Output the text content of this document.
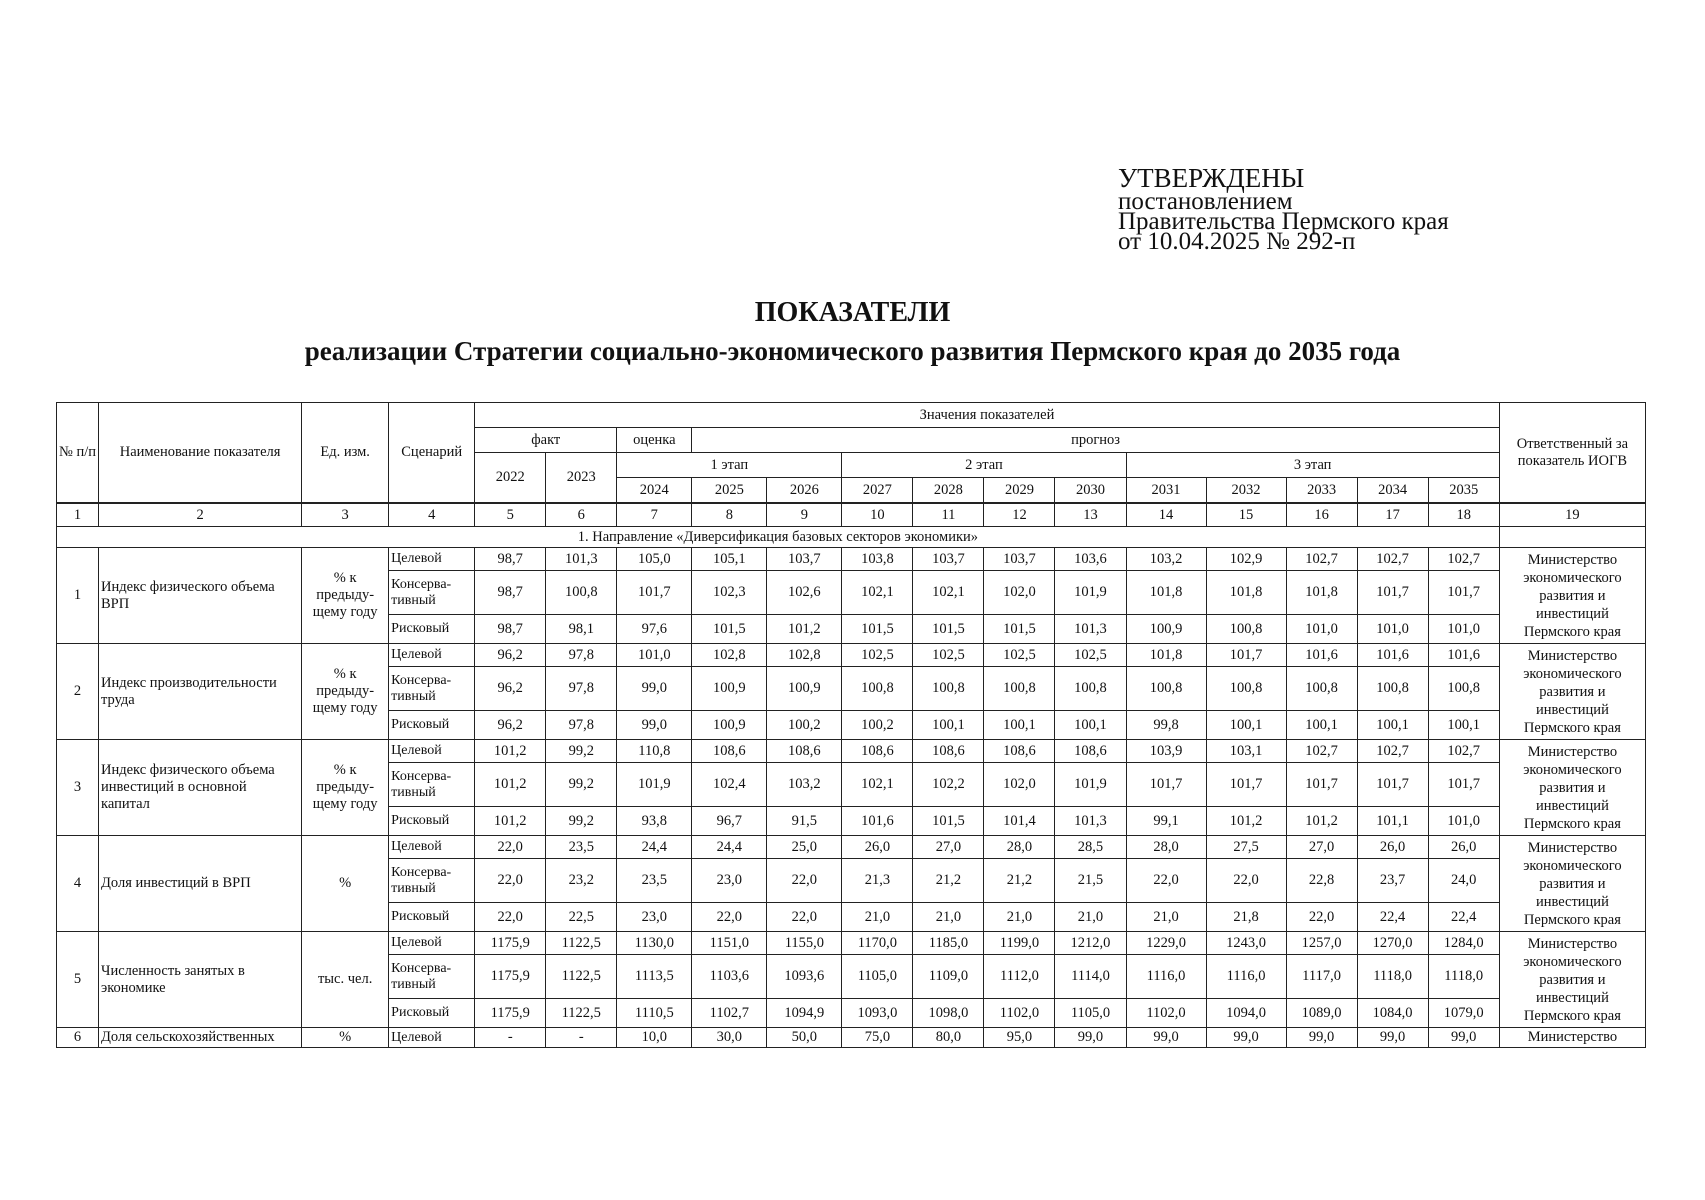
УТВЕРЖДЕНЫ
постановлением
Правительства Пермского края
от 10.04.2025 № 292-п
ПОКАЗАТЕЛИ
реализации Стратегии социально-экономического развития Пермского края до 2035 года
№ п/п	Наименование показателя	Ед. изм.	Сценарий	Значения показателей														Ответственный за показатель ИОГВ
				факт		оценка	прогноз											
				2022	2023	1 этап			2 этап				3 этап					
						2024	2025	2026	2027	2028	2029	2030	2031	2032	2033	2034	2035	
1	2	3	4	5	6	7	8	9	10	11	12	13	14	15	16	17	18	19
1. Направление «Диверсификация базовых секторов экономики»																		
1	Индекс физического объема ВРП	% к предыду-щему году	Целевой	98,7	101,3	105,0	105,1	103,7	103,8	103,7	103,7	103,6	103,2	102,9	102,7	102,7	102,7	Министерство экономического развития и инвестиций Пермского края
			Консерва-тивный	98,7	100,8	101,7	102,3	102,6	102,1	102,1	102,0	101,9	101,8	101,8	101,8	101,7	101,7	
			Рисковый	98,7	98,1	97,6	101,5	101,2	101,5	101,5	101,5	101,3	100,9	100,8	101,0	101,0	101,0	
2	Индекс производительности труда	% к предыду-щему году	Целевой	96,2	97,8	101,0	102,8	102,8	102,5	102,5	102,5	102,5	101,8	101,7	101,6	101,6	101,6	Министерство экономического развития и инвестиций Пермского края
			Консерва-тивный	96,2	97,8	99,0	100,9	100,9	100,8	100,8	100,8	100,8	100,8	100,8	100,8	100,8	100,8	
			Рисковый	96,2	97,8	99,0	100,9	100,2	100,2	100,1	100,1	100,1	99,8	100,1	100,1	100,1	100,1	
3	Индекс физического объема инвестиций в основной капитал	% к предыду-щему году	Целевой	101,2	99,2	110,8	108,6	108,6	108,6	108,6	108,6	108,6	103,9	103,1	102,7	102,7	102,7	Министерство экономического развития и инвестиций Пермского края
			Консерва-тивный	101,2	99,2	101,9	102,4	103,2	102,1	102,2	102,0	101,9	101,7	101,7	101,7	101,7	101,7	
			Рисковый	101,2	99,2	93,8	96,7	91,5	101,6	101,5	101,4	101,3	99,1	101,2	101,2	101,1	101,0	
4	Доля инвестиций в ВРП	%	Целевой	22,0	23,5	24,4	24,4	25,0	26,0	27,0	28,0	28,5	28,0	27,5	27,0	26,0	26,0	Министерство экономического развития и инвестиций Пермского края
			Консерва-тивный	22,0	23,2	23,5	23,0	22,0	21,3	21,2	21,2	21,5	22,0	22,0	22,8	23,7	24,0	
			Рисковый	22,0	22,5	23,0	22,0	22,0	21,0	21,0	21,0	21,0	21,0	21,8	22,0	22,4	22,4	
5	Численность занятых в экономике	тыс. чел.	Целевой	1175,9	1122,5	1130,0	1151,0	1155,0	1170,0	1185,0	1199,0	1212,0	1229,0	1243,0	1257,0	1270,0	1284,0	Министерство экономического развития и инвестиций Пермского края
			Консерва-тивный	1175,9	1122,5	1113,5	1103,6	1093,6	1105,0	1109,0	1112,0	1114,0	1116,0	1116,0	1117,0	1118,0	1118,0	
			Рисковый	1175,9	1122,5	1110,5	1102,7	1094,9	1093,0	1098,0	1102,0	1105,0	1102,0	1094,0	1089,0	1084,0	1079,0	
6	Доля сельскохозяйственных	%	Целевой	-	-	10,0	30,0	50,0	75,0	80,0	95,0	99,0	99,0	99,0	99,0	99,0	99,0	Министерство
